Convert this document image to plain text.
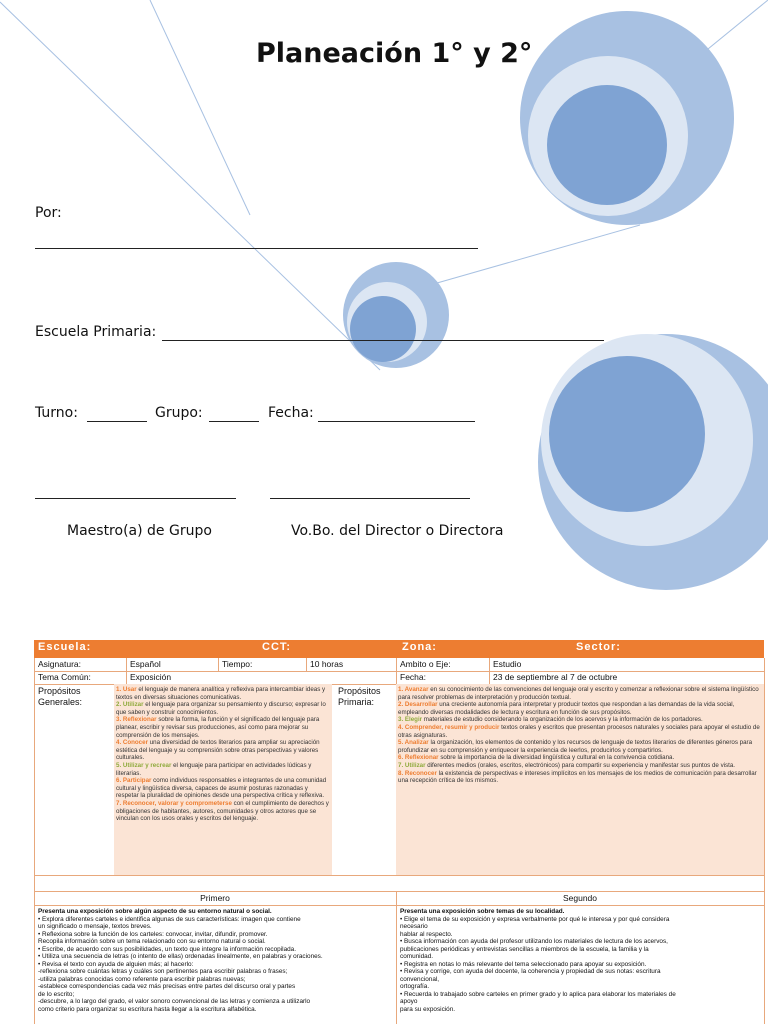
Planeación 1° y 2°
Por:
Escuela Primaria:
Turno:	Grupo:	Fecha:
Maestro(a) de Grupo	Vo.Bo. del Director o Directora
Escuela:	CCT:	Zona:	Sector:
Asignatura:	Español	Tiempo:	10 horas	Ambito o Eje:	Estudio
Tema Común:	Exposición	Fecha:	23 de septiembre al 7 de octubre
Propósitos Generales:
1. Usar el lenguaje de manera analítica y reflexiva para intercambiar ideas y textos en diversas situaciones comunicativas.
2. Utilizar el lenguaje para organizar su pensamiento y discurso; expresar lo que saben y construir conocimientos.
3. Reflexionar sobre la forma, la función y el significado del lenguaje para planear, escribir y revisar sus producciones, así como para mejorar su comprensión de los mensajes.
4. Conocer una diversidad de textos literarios para ampliar su apreciación estética del lenguaje y su comprensión sobre otras perspectivas y valores culturales.
5. Utilizar y recrear el lenguaje para participar en actividades lúdicas y literarias.
6. Participar como individuos responsables e integrantes de una comunidad cultural y lingüística diversa, capaces de asumir posturas razonadas y respetar la pluralidad de opiniones desde una perspectiva crítica y reflexiva.
7. Reconocer, valorar y comprometerse con el cumplimiento de derechos y obligaciones de habitantes, autores, comunidades y otros actores que se vinculan con los usos orales y escritos del lenguaje.
Propósitos Primaria:
1. Avanzar en su conocimiento de las convenciones del lenguaje oral y escrito y comenzar a reflexionar sobre el sistema lingüístico para resolver problemas de interpretación y producción textual.
2. Desarrollar una creciente autonomía para interpretar y producir textos que respondan a las demandas de la vida social, empleando diversas modalidades de lectura y escritura en función de sus propósitos.
3. Elegir materiales de estudio considerando la organización de los acervos y la información de los portadores.
4. Comprender, resumir y producir textos orales y escritos que presentan procesos naturales y sociales para apoyar el estudio de otras asignaturas.
5. Analizar la organización, los elementos de contenido y los recursos de lenguaje de textos literarios de diferentes géneros para profundizar en su comprensión y enriquecer la experiencia de leerlos, producirlos y compartirlos.
6. Reflexionar sobre la importancia de la diversidad lingüística y cultural en la convivencia cotidiana.
7. Utilizar diferentes medios (orales, escritos, electrónicos) para compartir su experiencia y manifestar sus puntos de vista.
8. Reconocer la existencia de perspectivas e intereses implícitos en los mensajes de los medios de comunicación para desarrollar una recepción crítica de los mismos.
Primero	Segundo
Presenta una exposición sobre algún aspecto de su entorno natural o social.
• Explora diferentes carteles e identifica algunas de sus características: imagen que contiene
un significado o mensaje, textos breves.
• Reflexiona sobre la función de los carteles: convocar, invitar, difundir, promover.
Recopila información sobre un tema relacionado con su entorno natural o social.
• Escribe, de acuerdo con sus posibilidades, un texto que integre la información recopilada.
• Utiliza una secuencia de letras (o intento de ellas) ordenadas linealmente, en palabras y oraciones.
• Revisa el texto con ayuda de alguien más; al hacerlo:
-reflexiona sobre cuántas letras y cuáles son pertinentes para escribir palabras o frases;
-utiliza palabras conocidas como referente para escribir palabras nuevas;
-establece correspondencias cada vez más precisas entre partes del discurso oral y partes
de lo escrito;
-descubre, a lo largo del grado, el valor sonoro convencional de las letras y comienza a utilizarlo
como criterio para organizar su escritura hasta llegar a la escritura alfabética.
Presenta una exposición sobre temas de su localidad.
• Elige el tema de su exposición y expresa verbalmente por qué le interesa y por qué considera
necesario
hablar al respecto.
• Busca información con ayuda del profesor utilizando los materiales de lectura de los acervos,
publicaciones periódicas y entrevistas sencillas a miembros de la escuela, la familia y la
comunidad.
• Registra en notas lo más relevante del tema seleccionado para apoyar su exposición.
• Revisa y corrige, con ayuda del docente, la coherencia y propiedad de sus notas: escritura
convencional,
ortografía.
• Recuerda lo trabajado sobre carteles en primer grado y lo aplica para elaborar los materiales de
apoyo
para su exposición.
